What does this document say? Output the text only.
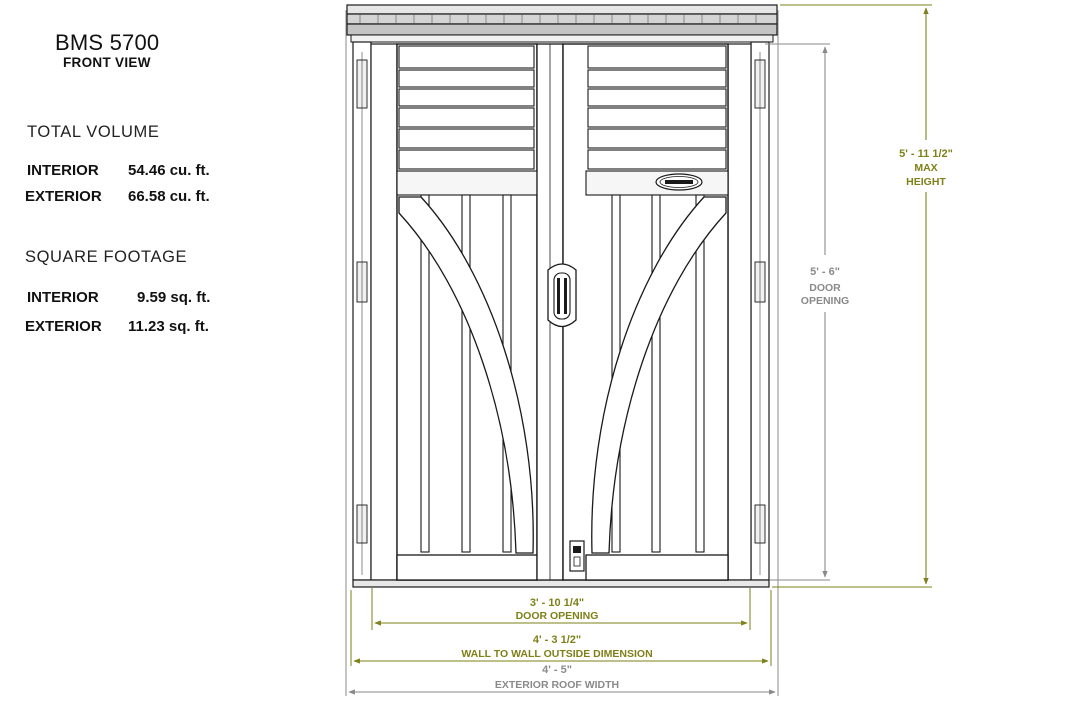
BMS 5700
FRONT VIEW
TOTAL VOLUME
INTERIOR 54.46 cu. ft.
EXTERIOR 66.58 cu. ft.
SQUARE FOOTAGE
INTERIOR	9.59 sq. ft.
EXTERIOR 11.23 sq. ft.
3' - 10 1/4"
DOOR OPENING
4' - 3 1/2"
WALL TO WALL OUTSIDE DIMENSION
4' - 5"
EXTERIOR ROOF WIDTH
5' - 6"
DOOR
OPENING
5' - 11 1/2"
MAX
HEIGHT
